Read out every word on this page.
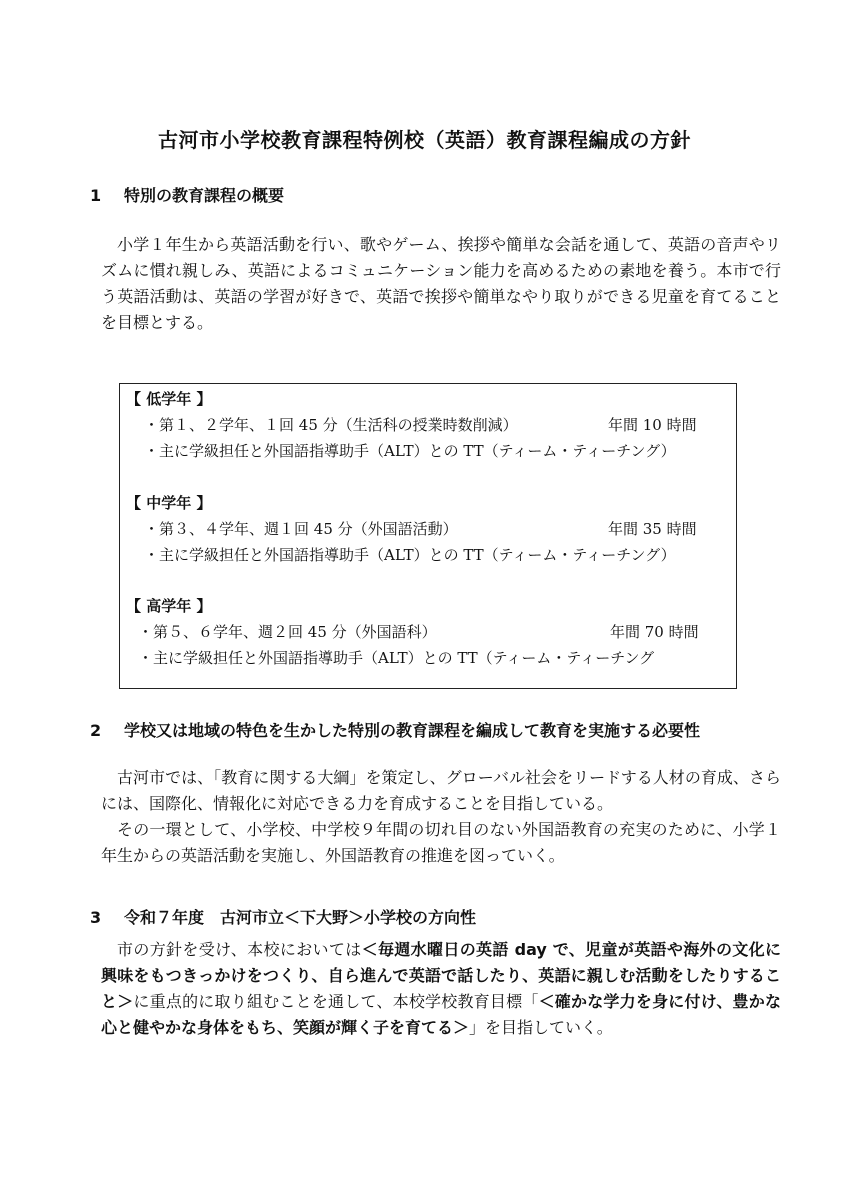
古河市小学校教育課程特例校（英語）教育課程編成の方針
1 特別の教育課程の概要

小学１年生から英語活動を行い、歌やゲーム、挨拶や簡単な会話を通して、英語の音声やリズムに慣れ親しみ、英語によるコミュニケーション能力を高めるための素地を養う。本市で行う英語活動は、英語の学習が好きで、英語で挨拶や簡単なやり取りができる児童を育てることを目標とする。

【 低学年 】
・第１、２学年、１回 45 分（生活科の授業時数削減）	年間 10 時間
・主に学級担任と外国語指導助手（ALT）との TT（ティーム・ティーチング）
【 中学年 】
・第３、４学年、週１回 45 分（外国語活動）	年間 35 時間
・主に学級担任と外国語指導助手（ALT）との TT（ティーム・ティーチング）
【 高学年 】
・第５、６学年、週２回 45 分（外国語科）	年間 70 時間
・主に学級担任と外国語指導助手（ALT）との TT（ティーム・ティーチング
2 学校又は地域の特色を生かした特別の教育課程を編成して教育を実施する必要性

古河市では、「教育に関する大綱」を策定し、グローバル社会をリードする人材の育成、さらには、国際化、情報化に対応できる力を育成することを目指している。

その一環として、小学校、中学校９年間の切れ目のない外国語教育の充実のために、小学１年生からの英語活動を実施し、外国語教育の推進を図っていく。

3 令和７年度　古河市立＜下大野＞小学校の方向性

市の方針を受け、本校においては＜毎週水曜日の英語 day で、児童が英語や海外の文化に興味をもつきっかけをつくり、自ら進んで英語で話したり、英語に親しむ活動をしたりすること＞に重点的に取り組むことを通して、本校学校教育目標「＜確かな学力を身に付け、豊かな心と健やかな身体をもち、笑顔が輝く子を育てる＞」を目指していく。
